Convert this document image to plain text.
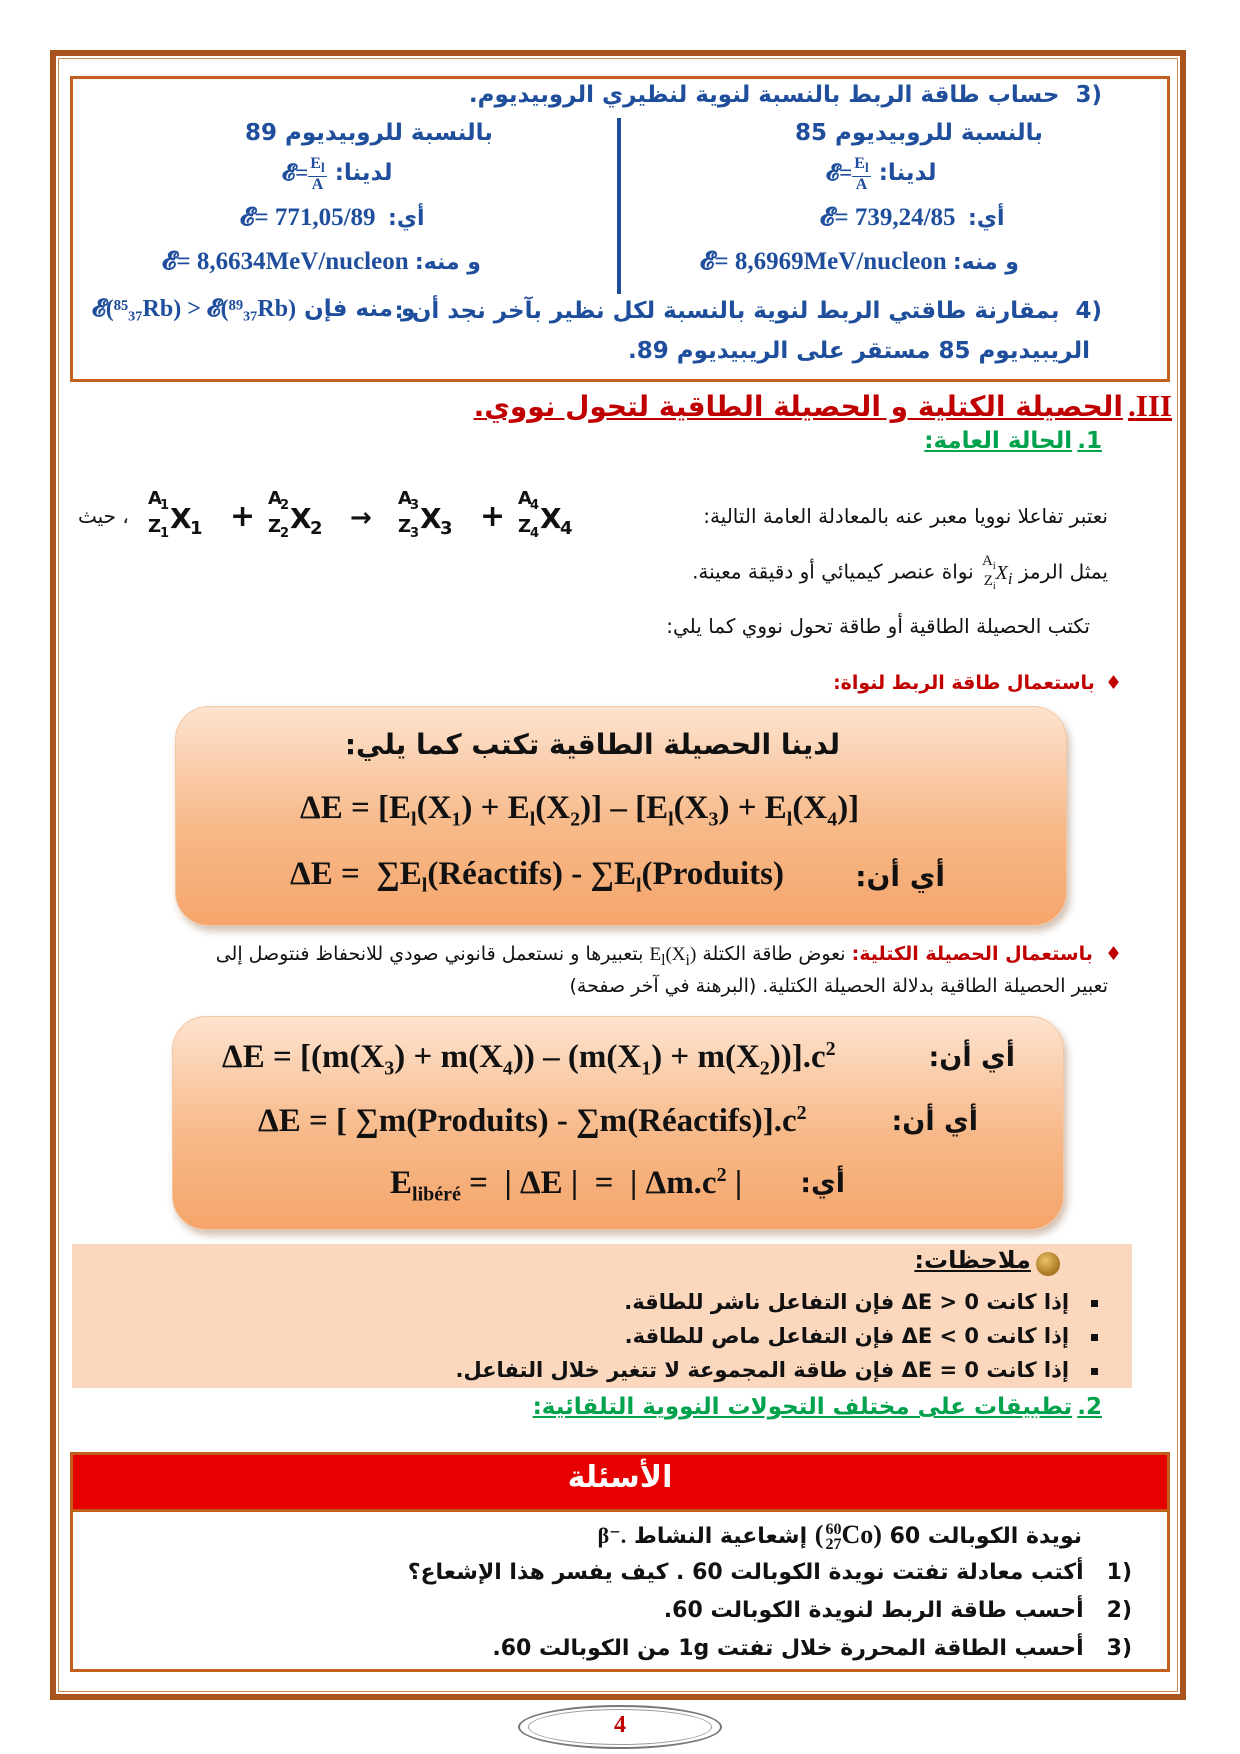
(3  حساب طاقة الربط بالنسبة لنوية لنظيري الروبيديوم.
بالنسبة للروبيديوم 85
لدينا: 𝓔= $\frac{E_l}{A}$
أي:  𝓔= 739,24/85
و منه: 𝓔= 8,6969MeV/nucleon
بالنسبة للروبيديوم 89
لدينا: 𝓔= $\frac{E_l}{A}$
أي:  𝓔= 771,05/89
و منه: 𝓔= 8,6634MeV/nucleon
(4  بمقارنة طاقتي الربط لنوية بالنسبة لكل نظير بآخر نجد أن :
و منه فإن 𝓔(⁸⁵₃₇Rb) > 𝓔(⁸⁹₃₇Rb)
الريبيديوم 85 مستقر على الريبيديوم 89.
III. الحصيلة الكتلية و الحصيلة الطاقية لتحول نووي.
1. الحالة العامة:
نعتبر تفاعلا نوويا معبر عنه بالمعادلة العامة التالية:
، حيث
A
1
Z
1 X
1 +
A
2
Z
2 X
2 →
A
3
Z
3 X
3 +
A
4
Z
4 X
4
يمثل الرمز
$A_i$
$Z_i$
$X_i$ نواة عنصر كيميائي أو دقيقة معينة.
تكتب الحصيلة الطاقية أو طاقة تحول نووي كما يلي:
♦  باستعمال طاقة الربط لنواة:
لدينا الحصيلة الطاقية تكتب كما يلي:
$\Delta E = [E_l(X_1) + E_l(X_2)] - [E_l(X_3) + E_l(X_4)]$
$\Delta E = \sum E_l(Réactifs)$ - $\sum E_l(Produits)$	أي أن:
♦  باستعمال الحصيلة الكتلية: نعوض طاقة الكتلة $E_l(X_i)$ بتعبيرها و نستعمل قانوني صودي للانحفاظ فنتوصل إلى
تعبير الحصيلة الطاقية بدلالة الحصيلة الكتلية. (البرهنة في آخر صفحة)
$\Delta E = [(m(X_3) + m(X_4)) - (m(X_1) + m(X_2))].c^2$	أي أن:
ΔE = [ ∑m(Produits) - $\sum m(Réactifs)].c^2$	أي أن:
$E_{libéré}$ =  | ΔE |  =  | $\Delta m.c^2$ | أي:
ملاحظات:
إذا كانت 0 < ΔE فإن التفاعل ناشر للطاقة.
إذا كانت 0 > ΔE فإن التفاعل ماص للطاقة.
إذا كانت 0 = ΔE فإن طاقة المجموعة لا تتغير خلال التفاعل.
2. تطبيقات على مختلف التحولات النووية التلقائية:
الأسئلة
نويدة الكوبالت 60 ( 60
27 Co) إشعاعية النشاط β⁻.
(1   أكتب معادلة تفتت نويدة الكوبالت 60 . كيف يفسر هذا الإشعاع؟
(2   أحسب طاقة الربط لنويدة الكوبالت 60.
(3   أحسب الطاقة المحررة خلال تفتت 1g من الكوبالت 60.
4
